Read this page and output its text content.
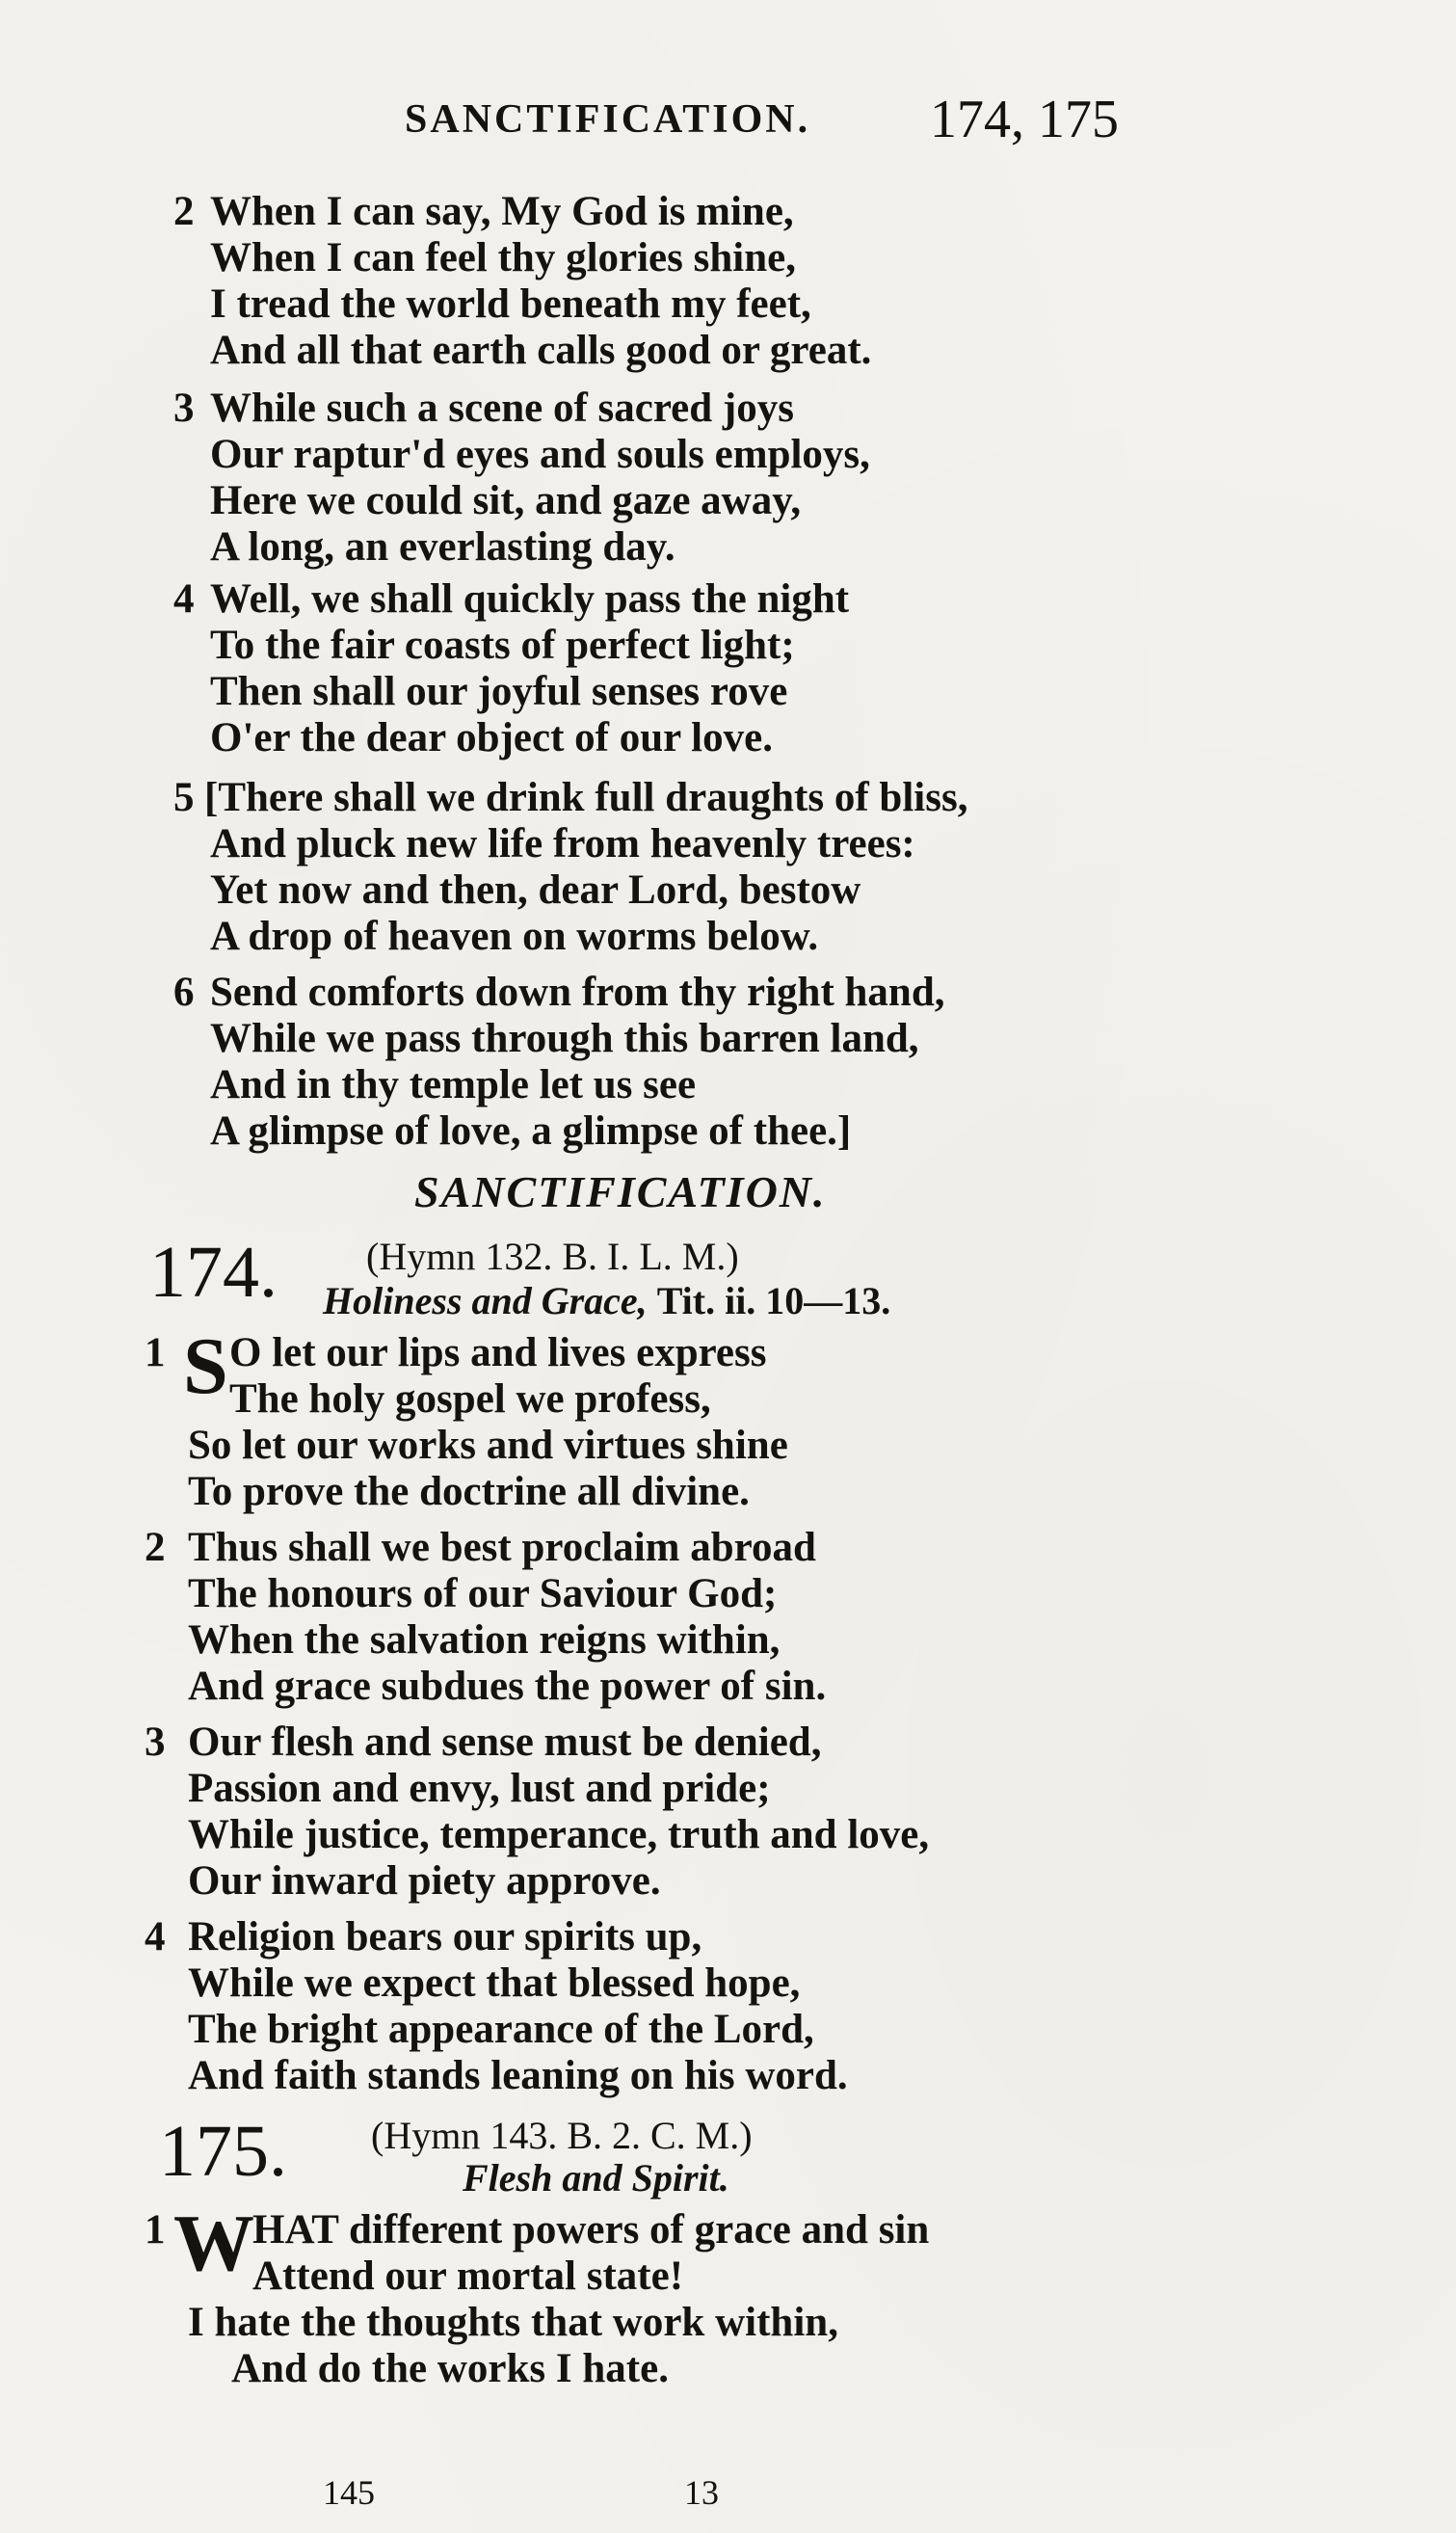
SANCTIFICATION. 174, 175
2 When I can say, My God is mine,
When I can feel thy glories shine,
I tread the world beneath my feet,
And all that earth calls good or great.
3 While such a scene of sacred joys
Our raptur'd eyes and souls employs,
Here we could sit, and gaze away,
A long, an everlasting day.
4 Well, we shall quickly pass the night
To the fair coasts of perfect light;
Then shall our joyful senses rove
O'er the dear object of our love.
5 [There shall we drink full draughts of bliss,
And pluck new life from heavenly trees:
Yet now and then, dear Lord, bestow
A drop of heaven on worms below.
6 Send comforts down from thy right hand,
While we pass through this barren land,
And in thy temple let us see
A glimpse of love, a glimpse of thee.]
SANCTIFICATION.
174. (Hymn 132. B. I. L. M.)
Holiness and Grace, Tit. ii. 10—13.
1 S O let our lips and lives express
The holy gospel we profess,
So let our works and virtues shine
To prove the doctrine all divine.
2 Thus shall we best proclaim abroad
The honours of our Saviour God;
When the salvation reigns within,
And grace subdues the power of sin.
3 Our flesh and sense must be denied,
Passion and envy, lust and pride;
While justice, temperance, truth and love,
Our inward piety approve.
4 Religion bears our spirits up,
While we expect that blessed hope,
The bright appearance of the Lord,
And faith stands leaning on his word.
175. (Hymn 143. B. 2. C. M.)
Flesh and Spirit.
1 W
HAT different powers of grace and sin
Attend our mortal state!
I hate the thoughts that work within,
And do the works I hate.
145	13
